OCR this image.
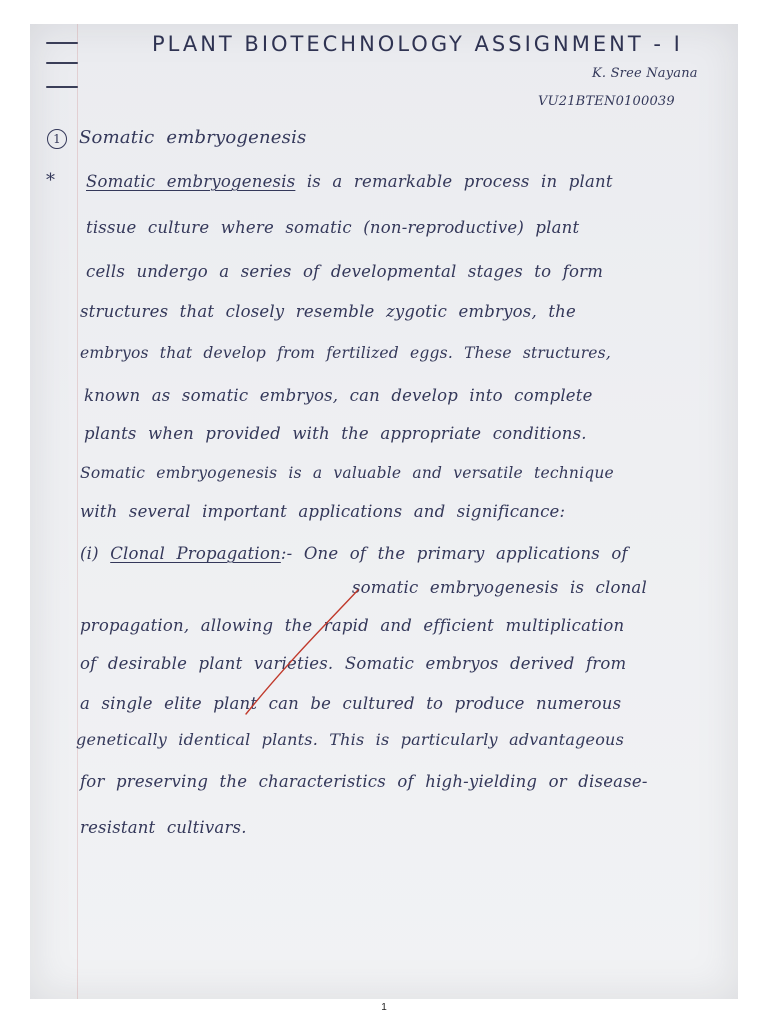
PLANT BIOTECHNOLOGY ASSIGNMENT - I
K. Sree Nayana
VU21BTEN0100039
1 Somatic embryogenesis
* Somatic embryogenesis is a remarkable process in plant
tissue culture where somatic (non-reproductive) plant
cells undergo a series of developmental stages to form
structures that closely resemble zygotic embryos, the
embryos that develop from fertilized eggs. These structures,
known as somatic embryos, can develop into complete
plants when provided with the appropriate conditions.
Somatic embryogenesis is a valuable and versatile technique
with several important applications and significance:
(i) Clonal Propagation:- One of the primary applications of
somatic embryogenesis is clonal
propagation, allowing the rapid and efficient multiplication
of desirable plant varieties. Somatic embryos derived from
a single elite plant can be cultured to produce numerous
genetically identical plants. This is particularly advantageous
for preserving the characteristics of high-yielding or disease-
resistant cultivars.
1
